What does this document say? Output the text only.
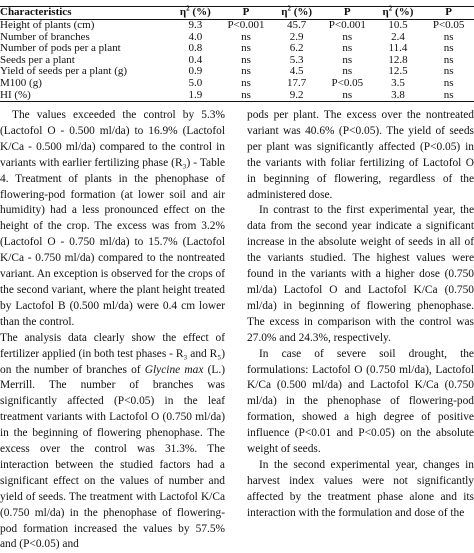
Characteristics	$\eta^2$ (%)	P	$\eta^2$ (%)	P	$\eta^2$ (%)	P
Height of plants (cm)	9.3	P<0.001	45.7	P<0.001	10.5	P<0.05
Number of branches	4.0	ns	2.9	ns	2.4	ns
Number of pods per a plant	0.8	ns	6.2	ns	11.4	ns
Seeds per a plant	0.4	ns	5.3	ns	12.8	ns
Yield of seeds per a plant (g)	0.9	ns	4.5	ns	12.5	ns
M100 (g)	5.0	ns	17.7	P<0.05	3.5	ns
HI (%)	1.9	ns	9.2	ns	3.8	ns

The values exceeded the control by 5.3% (Lactofol O - 0.500 ml/da) to 16.9% (Lactofol K/Ca - 0.500 ml/da) compared to the control in variants with earlier fertilizing phase (R₃) - Table 4. Treatment of plants in the phenophase of flowering-pod formation (at lower soil and air humidity) had a less pronounced effect on the height of the crop. The excess was from 3.2% (Lactofol O - 0.750 ml/da) to 15.7% (Lactofol K/Ca - 0.750 ml/da) compared to the nontreated variant. An exception is observed for the crops of the second variant, where the plant height treated by Lactofol B (0.500 ml/da) were 0.4 cm lower than the control.

The analysis data clearly show the effect of fertilizer applied (in both test phases - R₃ and R₅) on the number of branches of Glycine max (L.) Merrill. The number of branches was significantly affected (P<0.05) in the leaf treatment variants with Lactofol O (0.750 ml/da) in the beginning of flowering phenophase. The excess over the control was 31.3%. The interaction between the studied factors had a significant effect on the values of number and yield of seeds. The treatment with Lactofol K/Ca (0.750 ml/da) in the phenophase of flowering-pod formation increased the values by 57.5% and (P<0.05) and

pods per plant. The excess over the nontreated variant was 40.6% (P<0.05). The yield of seeds per plant was significantly affected (P<0.05) in the variants with foliar fertilizing of Lactofol O in beginning of flowering, regardless of the administered dose.

In contrast to the first experimental year, the data from the second year indicate a significant increase in the absolute weight of seeds in all of the variants studied. The highest values were found in the variants with a higher dose (0.750 ml/da) Lactofol O and Lactofol K/Ca (0.750 ml/da) in beginning of flowering phenophase. The excess in comparison with the control was 27.0% and 24.3%, respectively.

In case of severe soil drought, the formulations: Lactofol O (0.750 ml/da), Lactofol K/Ca (0.500 ml/da) and Lactofol K/Ca (0.750 ml/da) in the phenophase of flowering-pod formation, showed a high degree of positive influence (P<0.01 and P<0.05) on the absolute weight of seeds.

In the second experimental year, changes in harvest index values were not significantly affected by the treatment phase alone and its interaction with the formulation and dose of the
